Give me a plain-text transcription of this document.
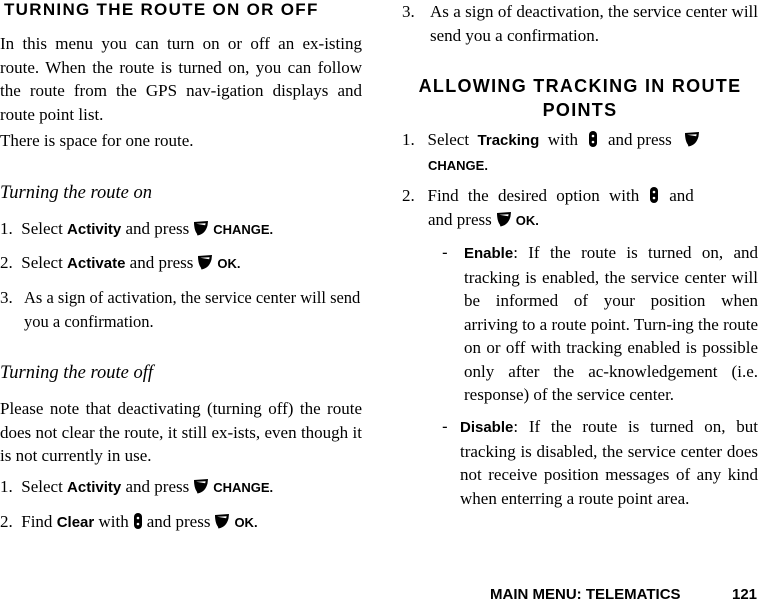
TURNING THE ROUTE ON OR OFF

In this menu you can turn on or off an ex-isting route. When the route is turned on, you can follow the route from the GPS nav-igation displays and route point list.

There is space for one route.

Turning the route on

1. Select Activity and press CHANGE.
2. Select Activate and press OK.
3. As a sign of activation, the service center will send you a confirmation.

Turning the route off

Please note that deactivating (turning off) the route does not clear the route, it still ex-ists, even though it is not currently in use.

1. Select Activity and press CHANGE.
2. Find Clear with and press OK.
3. As a sign of deactivation, the service center will send you a confirmation.
ALLOWING TRACKING IN ROUTE POINTS
1. Select Tracking with and press
CHANGE.
2. Find the desired option with and
and press OK.
-	Enable: If the route is turned on, and tracking is enabled, the service center will be informed of your position when arriving to a route point. Turn-ing the route on or off with tracking enabled is possible only after the ac-knowledgement (i.e. response) of the service center.

- Disable: If the route is turned on, but tracking is disabled, the service center does not receive position messages of any kind when enterring a route point area.

MAIN MENU: TELEMATICS	121
